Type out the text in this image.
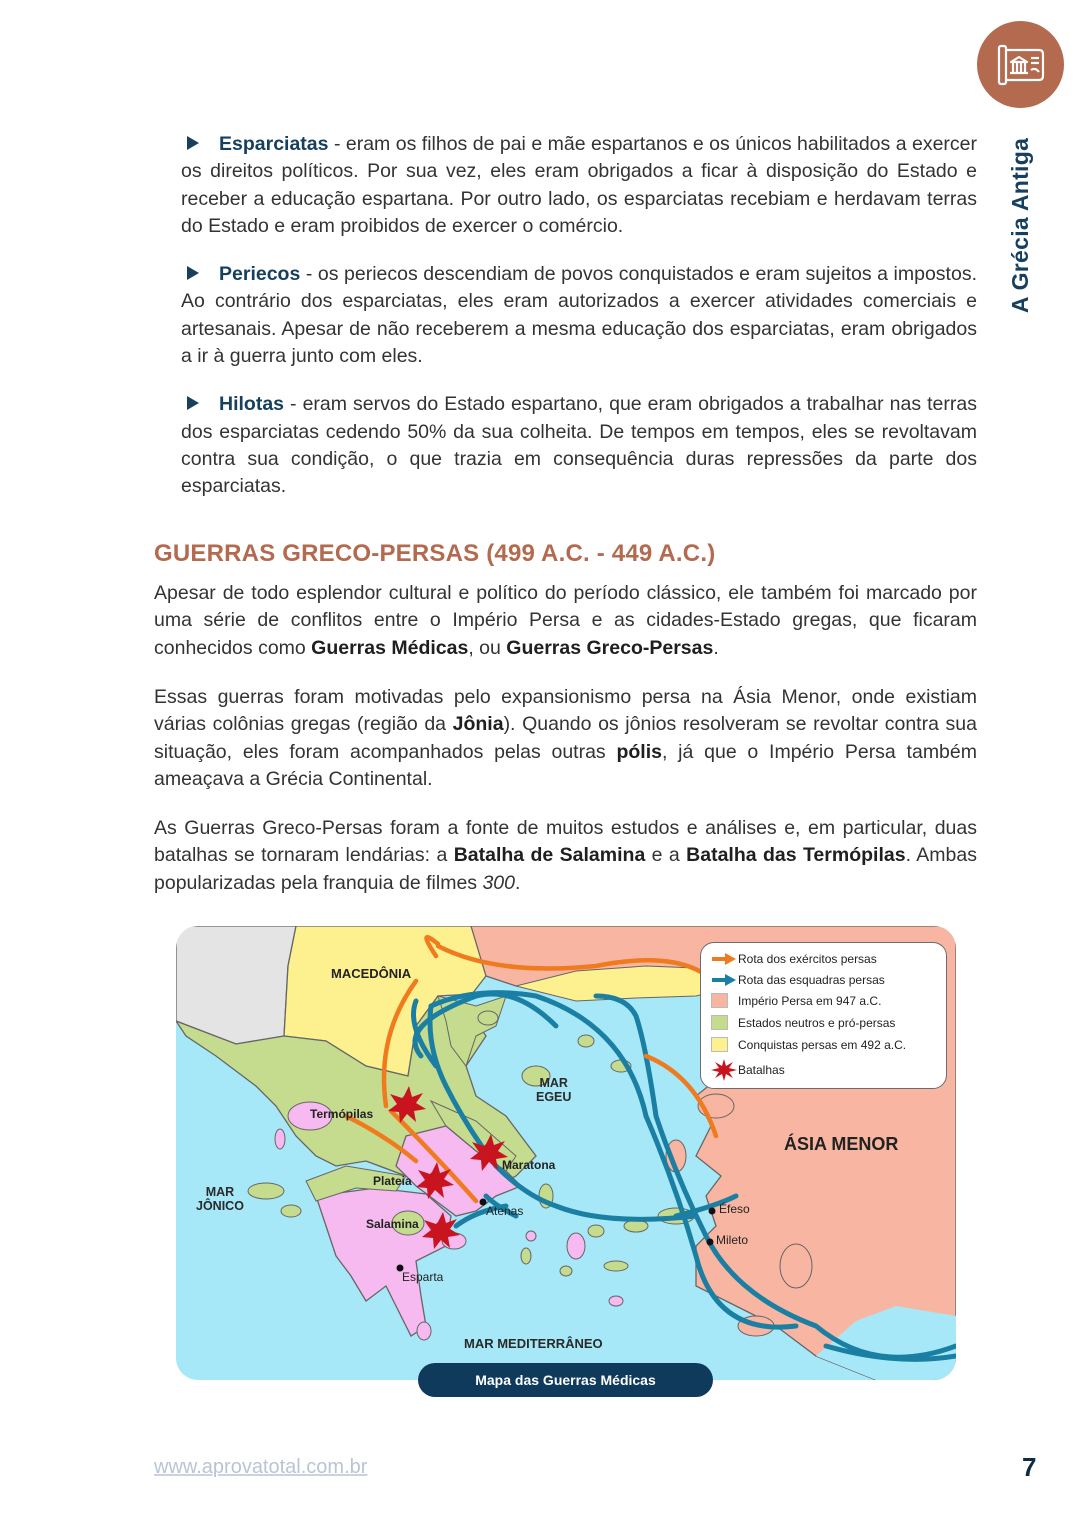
A Grécia Antiga
Esparciatas - eram os filhos de pai e mãe espartanos e os únicos habilitados a exercer os direitos políticos. Por sua vez, eles eram obrigados a ficar à disposição do Estado e receber a educação espartana. Por outro lado, os esparciatas recebiam e herdavam terras do Estado e eram proibidos de exercer o comércio.
Periecos - os periecos descendiam de povos conquistados e eram sujeitos a impostos. Ao contrário dos esparciatas, eles eram autorizados a exercer atividades comerciais e artesanais. Apesar de não receberem a mesma educação dos esparciatas, eram obrigados a ir à guerra junto com eles.
Hilotas - eram servos do Estado espartano, que eram obrigados a trabalhar nas terras dos esparciatas cedendo 50% da sua colheita. De tempos em tempos, eles se revoltavam contra sua condição, o que trazia em consequência duras repressões da parte dos esparciatas.
GUERRAS GRECO-PERSAS (499 A.C. - 449 A.C.)

Apesar de todo esplendor cultural e político do período clássico, ele também foi marcado por uma série de conflitos entre o Império Persa e as cidades-Estado gregas, que ficaram conhecidos como Guerras Médicas, ou Guerras Greco-Persas.

Essas guerras foram motivadas pelo expansionismo persa na Ásia Menor, onde existiam várias colônias gregas (região da Jônia). Quando os jônios resolveram se revoltar contra sua situação, eles foram acompanhados pelas outras pólis, já que o Império Persa também ameaçava a Grécia Continental.

As Guerras Greco-Persas foram a fonte de muitos estudos e análises e, em particular, duas batalhas se tornaram lendárias: a Batalha de Salamina e a Batalha das Termópilas. Ambas popularizadas pela franquia de filmes 300.

MACEDÔNIA
ÁSIA MENOR
MAR
EGEU
MAR
JÔNICO
MAR MEDITERRÂNEO
Termópilas
Maratona
Plateia
Salamina
Atenas
Esparta
Éfeso
Mileto
Rota dos exércitos persas
Rota das esquadras persas
Império Persa em 947 a.C.
Estados neutros e pró-persas
Conquistas persas em 492 a.C.
Batalhas
Mapa das Guerras Médicas
www.aprovatotal.com.br	7
